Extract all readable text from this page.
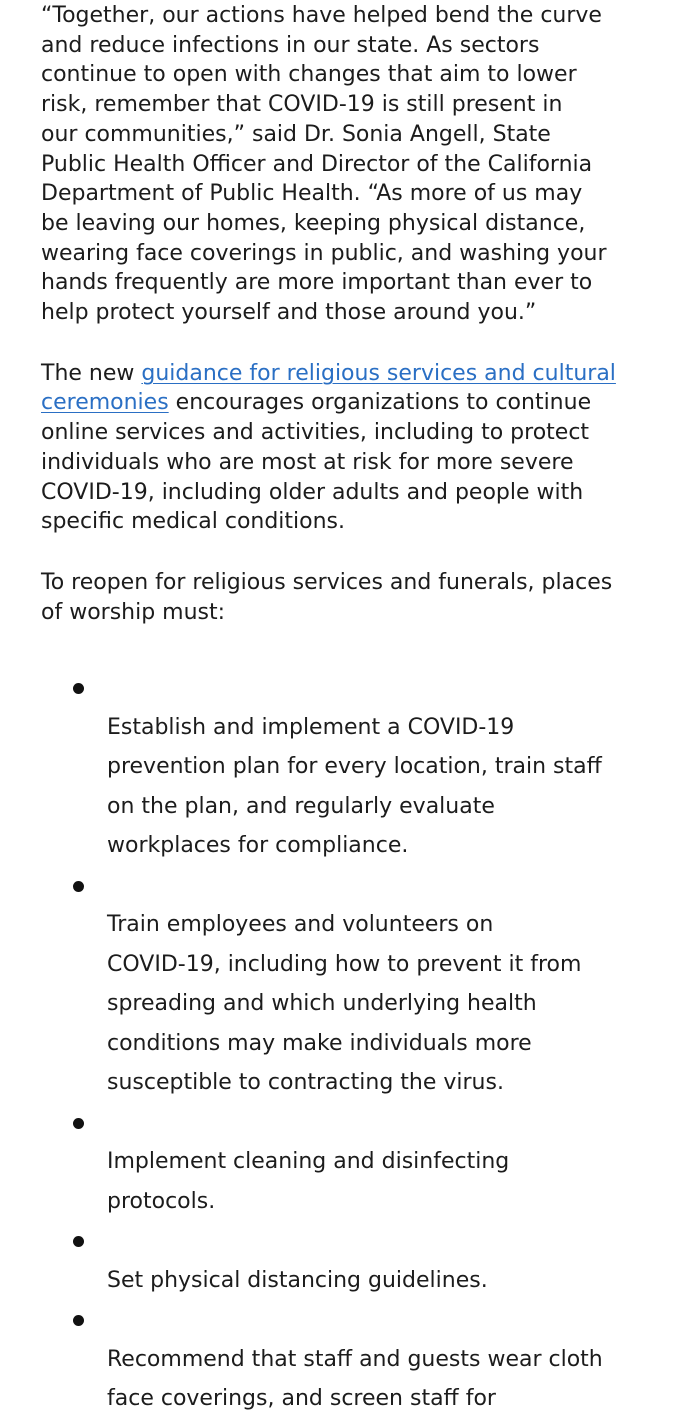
“Together, our actions have helped bend the curve
and reduce infections in our state. As sectors
continue to open with changes that aim to lower
risk, remember that COVID-19 is still present in
our communities,” said Dr. Sonia Angell, State
Public Health Officer and Director of the California
Department of Public Health. “As more of us may
be leaving our homes, keeping physical distance,
wearing face coverings in public, and washing your
hands frequently are more important than ever to
help protect yourself and those around you.”

The new guidance for religious services and cultural
ceremonies encourages organizations to continue
online services and activities, including to protect
individuals who are most at risk for more severe
COVID-19, including older adults and people with
specific medical conditions.

To reopen for religious services and funerals, places
of worship must:

Establish and implement a COVID-19
prevention plan for every location, train staff
on the plan, and regularly evaluate
workplaces for compliance.

Train employees and volunteers on
COVID-19, including how to prevent it from
spreading and which underlying health
conditions may make individuals more
susceptible to contracting the virus.

Implement cleaning and disinfecting
protocols.

Set physical distancing guidelines.

Recommend that staff and guests wear cloth
face coverings, and screen staff for
